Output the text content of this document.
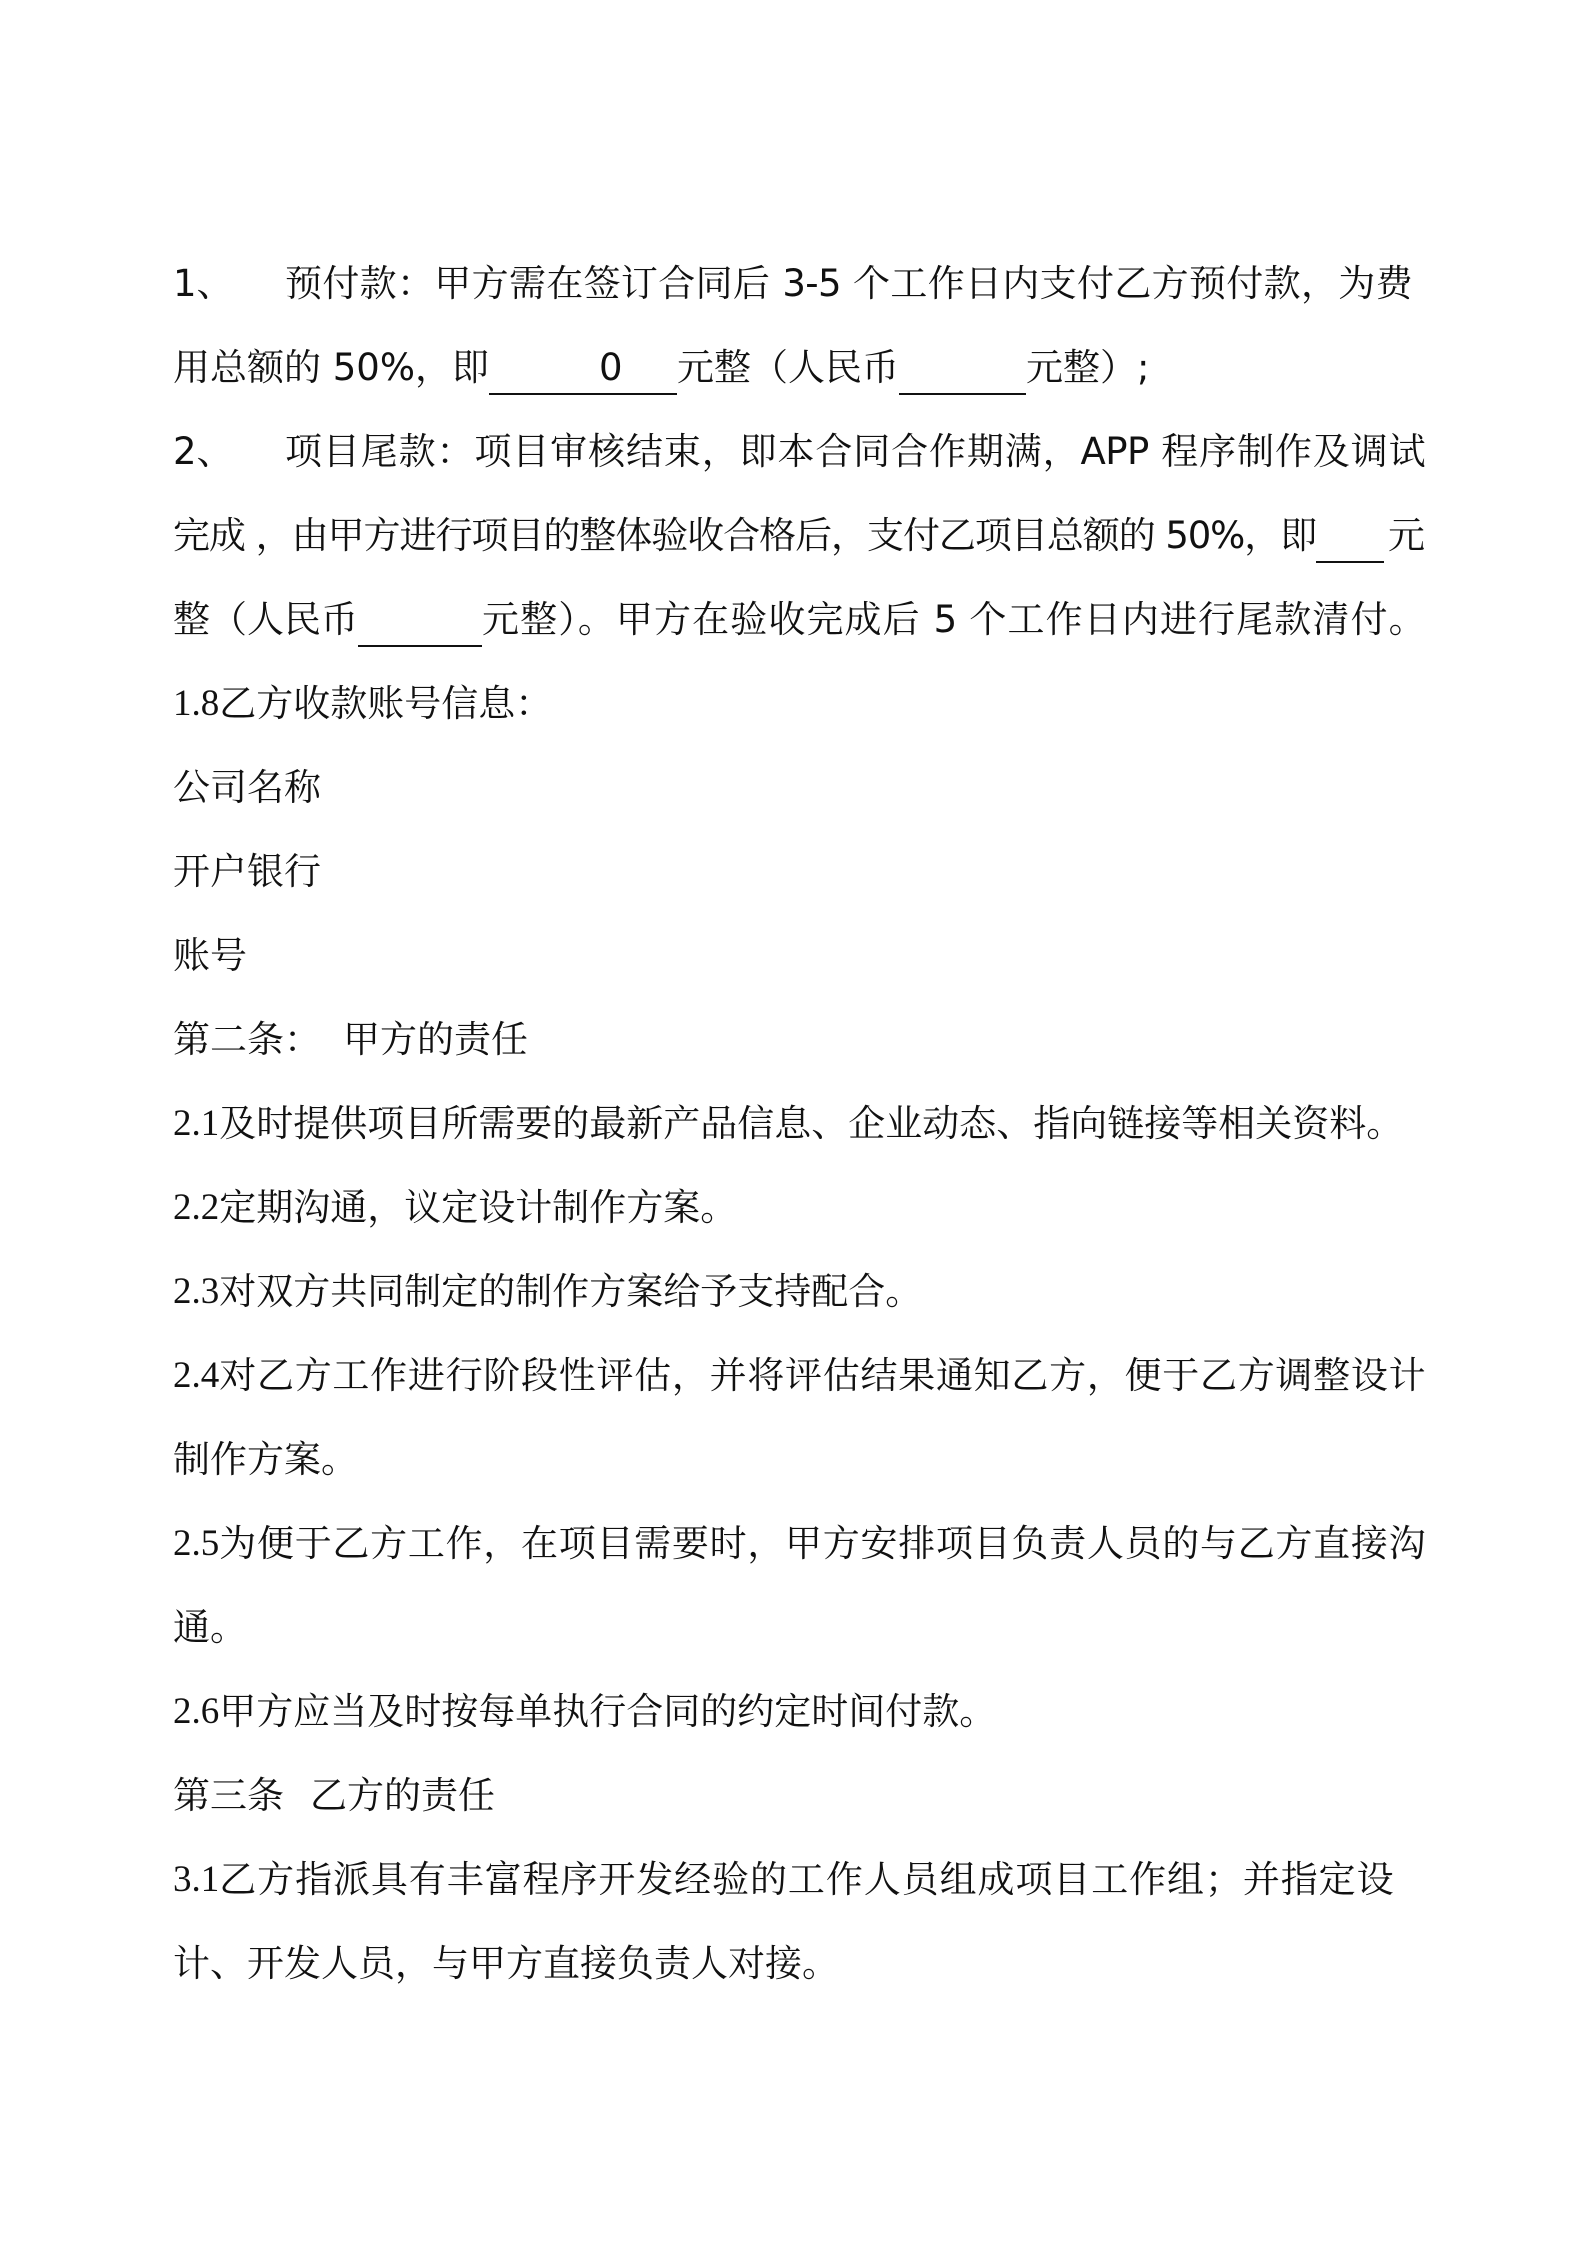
1、	预付款：甲方需在签订合同后 3-5 个工作日内支付乙方预付款，为费
用总额的 50%，即	0	元整（人民币	元整）;
2、	项目尾款：项目审核结束，即本合同合作期满，APP 程序制作及调试
完成 ，由甲方进行项目的整体验收合格后，支付乙项目总额的 50%，即 元
整（人民币	元整）。甲方在验收完成后 5 个工作日内进行尾款清付。
1.8 乙方收款账号信息：
公司名称
开户银行
账号
第二条： 甲方的责任
2.1 及时提供项目所需要的最新产品信息、企业动态、指向链接等相关资料。
2.2 定期沟通，议定设计制作方案。
2.3 对双方共同制定的制作方案给予支持配合。
2.4 对乙方工作进行阶段性评估，并将评估结果通知乙方，便于乙方调整设计
制作方案。
2.5 为便于乙方工作，在项目需要时，甲方安排项目负责人员的与乙方直接沟
通。
2.6 甲方应当及时按每单执行合同的约定时间付款。
第三条 乙方的责任
3.1 乙方指派具有丰富程序开发经验的工作人员组成项目工作组；并指定设
计、开发人员，与甲方直接负责人对接。
